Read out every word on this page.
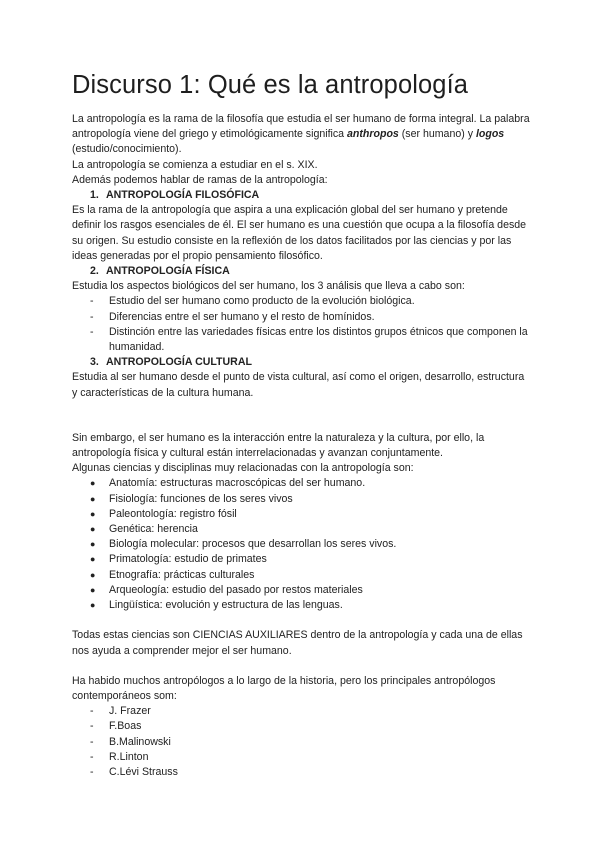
Discurso 1: Qué es la antropología

La antropología es la rama de la filosofía que estudia el ser humano de forma integral. La palabra antropología viene del griego y etimológicamente significa anthropos (ser humano) y logos (estudio/conocimiento).

La antropología se comienza a estudiar en el s. XIX.

Además podemos hablar de ramas de la antropología:

1. ANTROPOLOGÍA FILOSÓFICA

Es la rama de la antropología que aspira a una explicación global del ser humano y pretende definir los rasgos esenciales de él. El ser humano es una cuestión que ocupa a la filosofía desde su origen. Su estudio consiste en la reflexión de los datos facilitados por las ciencias y por las ideas generadas por el propio pensamiento filosófico.

2. ANTROPOLOGÍA FÍSICA

Estudia los aspectos biológicos del ser humano, los 3 análisis que lleva a cabo son:

-	Estudio del ser humano como producto de la evolución biológica.
-	Diferencias entre el ser humano y el resto de homínidos.
-	Distinción entre las variedades físicas entre los distintos grupos étnicos que componen la humanidad.
3. ANTROPOLOGÍA CULTURAL

Estudia al ser humano desde el punto de vista cultural, así como el origen, desarrollo, estructura y características de la cultura humana.

Sin embargo, el ser humano es la interacción entre la naturaleza y la cultura, por ello, la antropología física y cultural están interrelacionadas y avanzan conjuntamente.

Algunas ciencias y disciplinas muy relacionadas con la antropología son:

●	Anatomía: estructuras macroscópicas del ser humano.
●	Fisiología: funciones de los seres vivos
●	Paleontología: registro fósil
●	Genética: herencia
●	Biología molecular: procesos que desarrollan los seres vivos.
●	Primatología: estudio de primates
●	Etnografía: prácticas culturales
●	Arqueología: estudio del pasado por restos materiales
●	Lingüística: evolución y estructura de las lenguas.

Todas estas ciencias son CIENCIAS AUXILIARES dentro de la antropología y cada una de ellas nos ayuda a comprender mejor el ser humano.

Ha habido muchos antropólogos a lo largo de la historia, pero los principales antropólogos contemporáneos som:

-	J. Frazer
-	F.Boas
-	B.Malinowski
-	R.Linton
-	C.Lévi Strauss
